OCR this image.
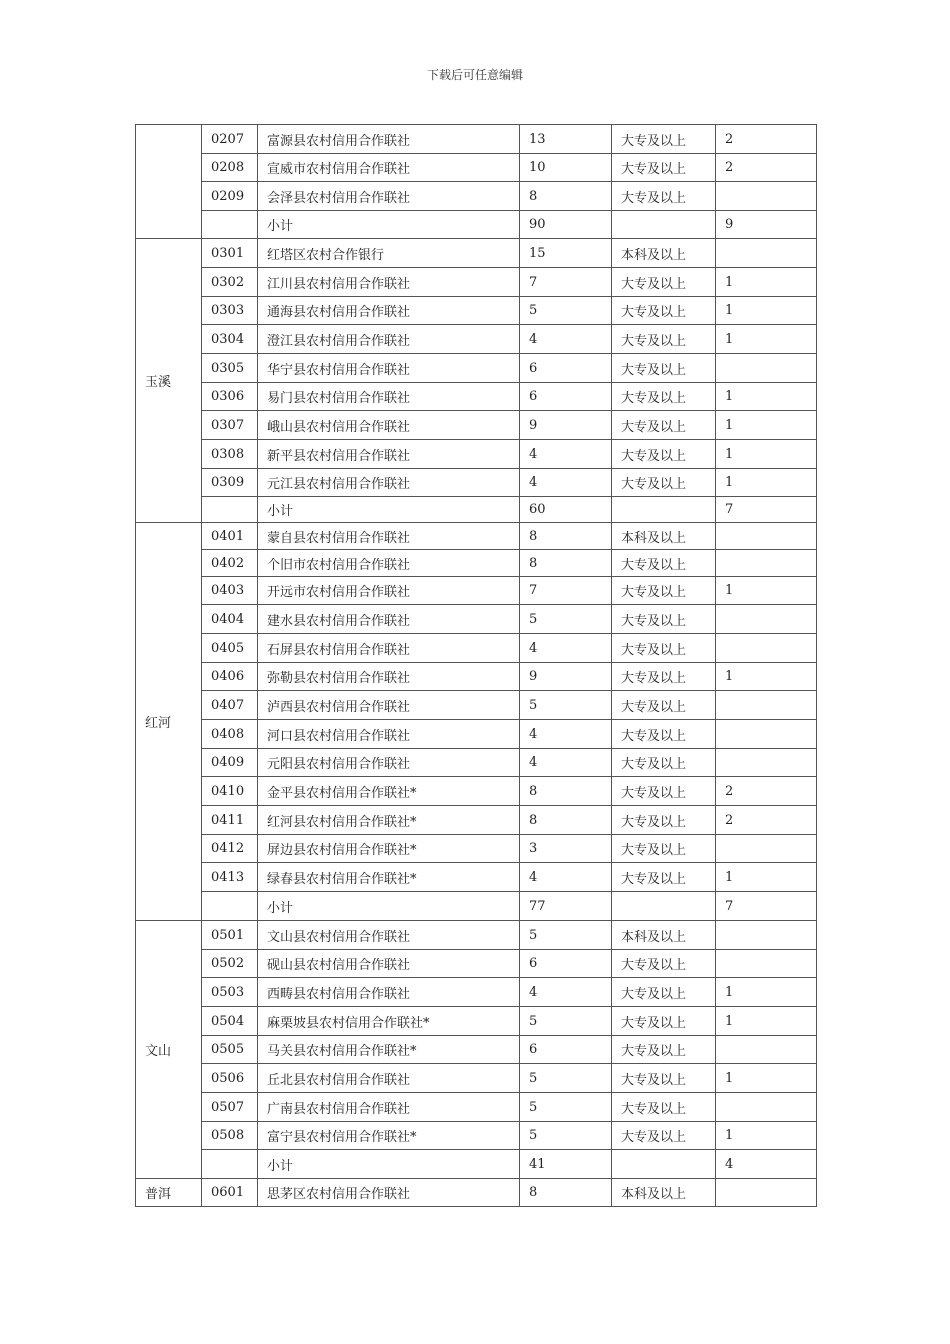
下载后可任意编辑
	0207	富源县农村信用合作联社	13	大专及以上	2
	0208	宣威市农村信用合作联社	10	大专及以上	2
	0209	会泽县农村信用合作联社	8	大专及以上	
		小计	90		9
玉溪	0301	红塔区农村合作银行	15	本科及以上	
	0302	江川县农村信用合作联社	7	大专及以上	1
	0303	通海县农村信用合作联社	5	大专及以上	1
	0304	澄江县农村信用合作联社	4	大专及以上	1
	0305	华宁县农村信用合作联社	6	大专及以上	
	0306	易门县农村信用合作联社	6	大专及以上	1
	0307	峨山县农村信用合作联社	9	大专及以上	1
	0308	新平县农村信用合作联社	4	大专及以上	1
	0309	元江县农村信用合作联社	4	大专及以上	1
		小计	60		7
红河	0401	蒙自县农村信用合作联社	8	本科及以上	
	0402	个旧市农村信用合作联社	8	大专及以上	
	0403	开远市农村信用合作联社	7	大专及以上	1
	0404	建水县农村信用合作联社	5	大专及以上	
	0405	石屏县农村信用合作联社	4	大专及以上	
	0406	弥勒县农村信用合作联社	9	大专及以上	1
	0407	泸西县农村信用合作联社	5	大专及以上	
	0408	河口县农村信用合作联社	4	大专及以上	
	0409	元阳县农村信用合作联社	4	大专及以上	
	0410	金平县农村信用合作联社*	8	大专及以上	2
	0411	红河县农村信用合作联社*	8	大专及以上	2
	0412	屏边县农村信用合作联社*	3	大专及以上	
	0413	绿春县农村信用合作联社*	4	大专及以上	1
		小计	77		7
文山	0501	文山县农村信用合作联社	5	本科及以上	
	0502	砚山县农村信用合作联社	6	大专及以上	
	0503	西畴县农村信用合作联社	4	大专及以上	1
	0504	麻栗坡县农村信用合作联社*	5	大专及以上	1
	0505	马关县农村信用合作联社*	6	大专及以上	
	0506	丘北县农村信用合作联社	5	大专及以上	1
	0507	广南县农村信用合作联社	5	大专及以上	
	0508	富宁县农村信用合作联社*	5	大专及以上	1
		小计	41		4
普洱	0601	思茅区农村信用合作联社	8	本科及以上	
